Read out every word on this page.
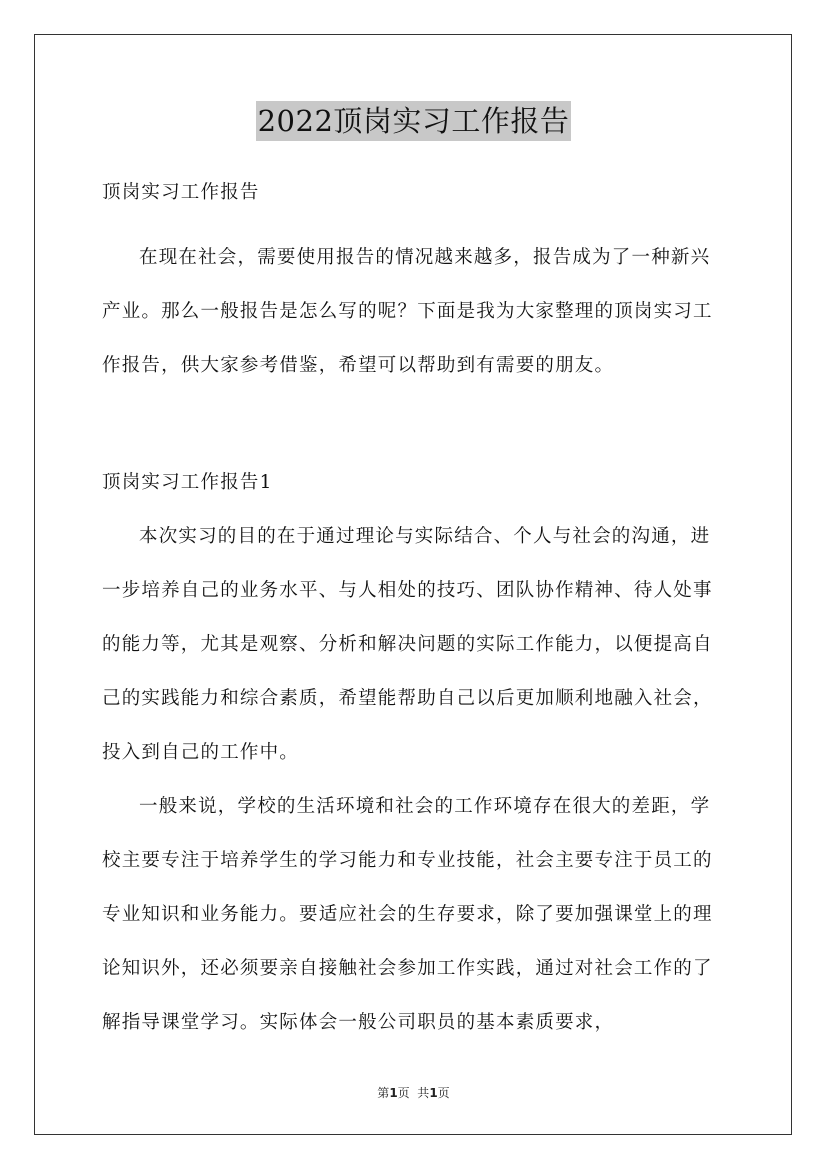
2022顶岗实习工作报告

顶岗实习工作报告

在现在社会，需要使用报告的情况越来越多，报告成为了一种新兴产业。那么一般报告是怎么写的呢？下面是我为大家整理的顶岗实习工作报告，供大家参考借鉴，希望可以帮助到有需要的朋友。

顶岗实习工作报告1

本次实习的目的在于通过理论与实际结合、个人与社会的沟通，进一步培养自己的业务水平、与人相处的技巧、团队协作精神、待人处事的能力等，尤其是观察、分析和解决问题的实际工作能力，以便提高自己的实践能力和综合素质，希望能帮助自己以后更加顺利地融入社会，投入到自己的工作中。

一般来说，学校的生活环境和社会的工作环境存在很大的差距，学校主要专注于培养学生的学习能力和专业技能，社会主要专注于员工的专业知识和业务能力。要适应社会的生存要求，除了要加强课堂上的理论知识外，还必须要亲自接触社会参加工作实践，通过对社会工作的了解指导课堂学习。实际体会一般公司职员的基本素质要求，

第1页  共1页
